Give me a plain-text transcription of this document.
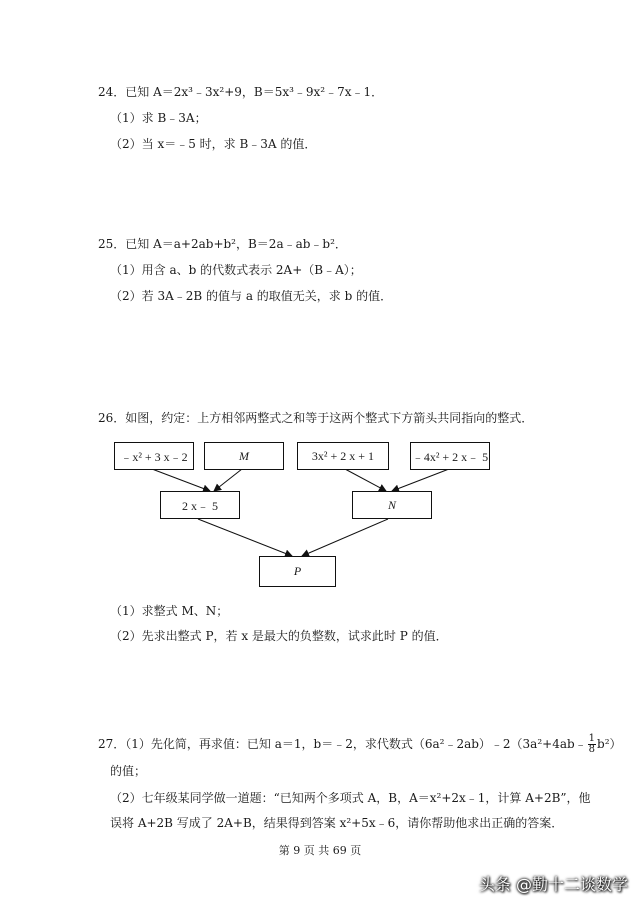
24．已知 A＝2x³﹣3x²+9，B＝5x³﹣9x²﹣7x﹣1．
（1）求 B﹣3A；
（2）当 x＝﹣5 时，求 B﹣3A 的值．
25．已知 A＝a+2ab+b²，B＝2a﹣ab﹣b²．
（1）用含 a、b 的代数式表示 2A+（B﹣A）；
（2）若 3A﹣2B 的值与 a 的取值无关，求 b 的值．
26．如图，约定：上方相邻两整式之和等于这两个整式下方箭头共同指向的整式．
﹣x² + 3 x﹣2	M	3x² + 2 x + 1	﹣4x² + 2 x﹣ 5
2 x﹣ 5	N
P
（1）求整式 M、N；
（2）先求出整式 P，若 x 是最大的负整数，试求此时 P 的值．
27．（1）先化简，再求值：已知 a＝1，b＝﹣2，求代数式（6a²﹣2ab）﹣2（3a²+4ab﹣ $\frac{1}{8} b^2$）
的值；
（2）七年级某同学做一道题：“已知两个多项式 A，B，A＝x²+2x﹣1，计算 A+2B”，他
误将 A+2B 写成了 2A+B，结果得到答案 x²+5x﹣6，请你帮助他求出正确的答案．
第 9 页 共 69 页
头条 @勤十二谈数学
